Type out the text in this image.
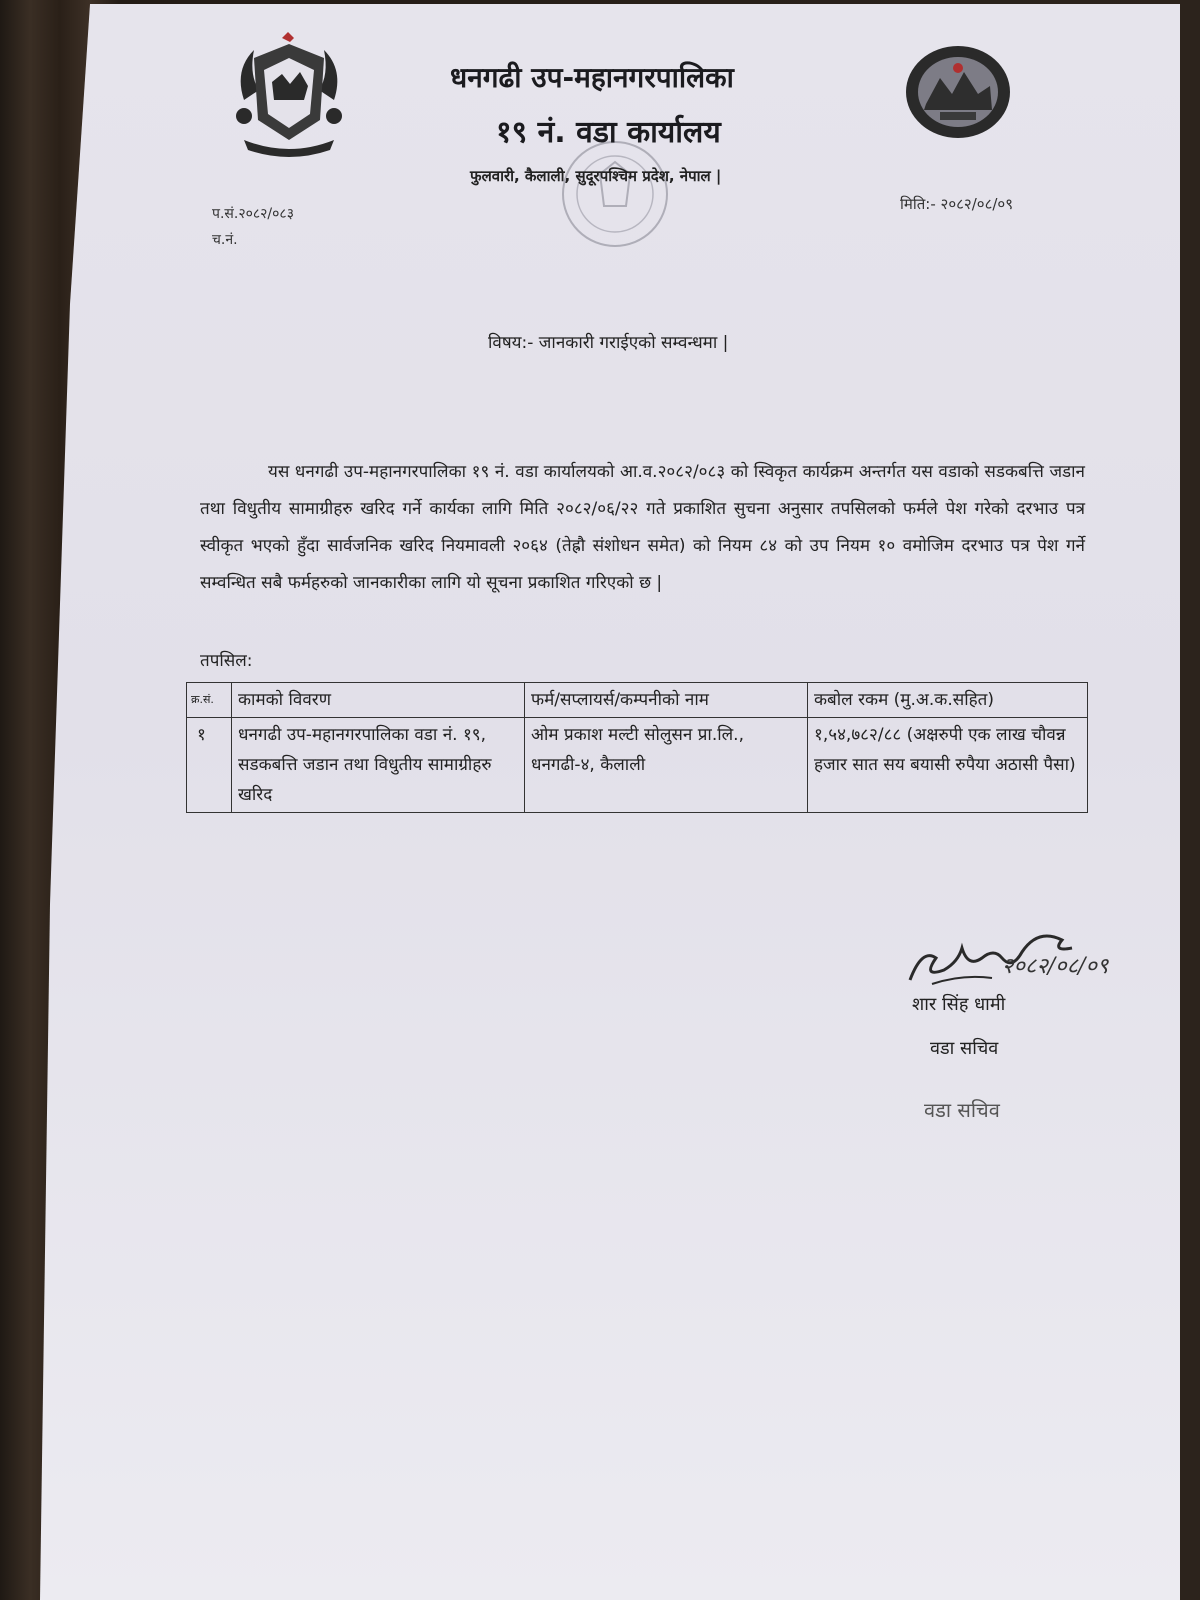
धनगढी उप-महानगरपालिका
१९ नं. वडा कार्यालय
फुलवारी, कैलाली, सुदूरपश्चिम प्रदेश, नेपाल |
प.सं.२०८२/०८३
च.नं.
मिति:- २०८२/०८/०९
विषय:- जानकारी गराईएको सम्वन्धमा |
यस धनगढी उप-महानगरपालिका १९ नं. वडा कार्यालयको आ.व.२०८२/०८३ को स्विकृत कार्यक्रम अन्तर्गत यस वडाको सडकबत्ति जडान तथा विधुतीय सामाग्रीहरु खरिद गर्ने कार्यका लागि मिति २०८२/०६/२२ गते प्रकाशित सुचना अनुसार तपसिलको फर्मले पेश गरेको दरभाउ पत्र स्वीकृत भएको हुँदा सार्वजनिक खरिद नियमावली २०६४ (तेह्रौ संशोधन समेत) को नियम ८४ को उप नियम १० वमोजिम दरभाउ पत्र पेश गर्ने सम्वन्धित सबै फर्महरुको जानकारीका लागि यो सूचना प्रकाशित गरिएको छ |
तपसिल:
क्र.सं.	कामको विवरण	फर्म/सप्लायर्स/कम्पनीको नाम	कबोल रकम (मु.अ.क.सहित)
१	धनगढी उप-महानगरपालिका वडा नं. १९, सडकबत्ति जडान तथा विधुतीय सामाग्रीहरु खरिद	ओम प्रकाश मल्टी सोलुसन प्रा.लि., धनगढी-४, कैलाली	१,५४,७८२/८८ (अक्षरुपी एक लाख चौवन्न हजार सात सय बयासी रुपैया अठासी पैसा)
२०८२/०८/०९
शार सिंह धामी
वडा सचिव
वडा सचिव
